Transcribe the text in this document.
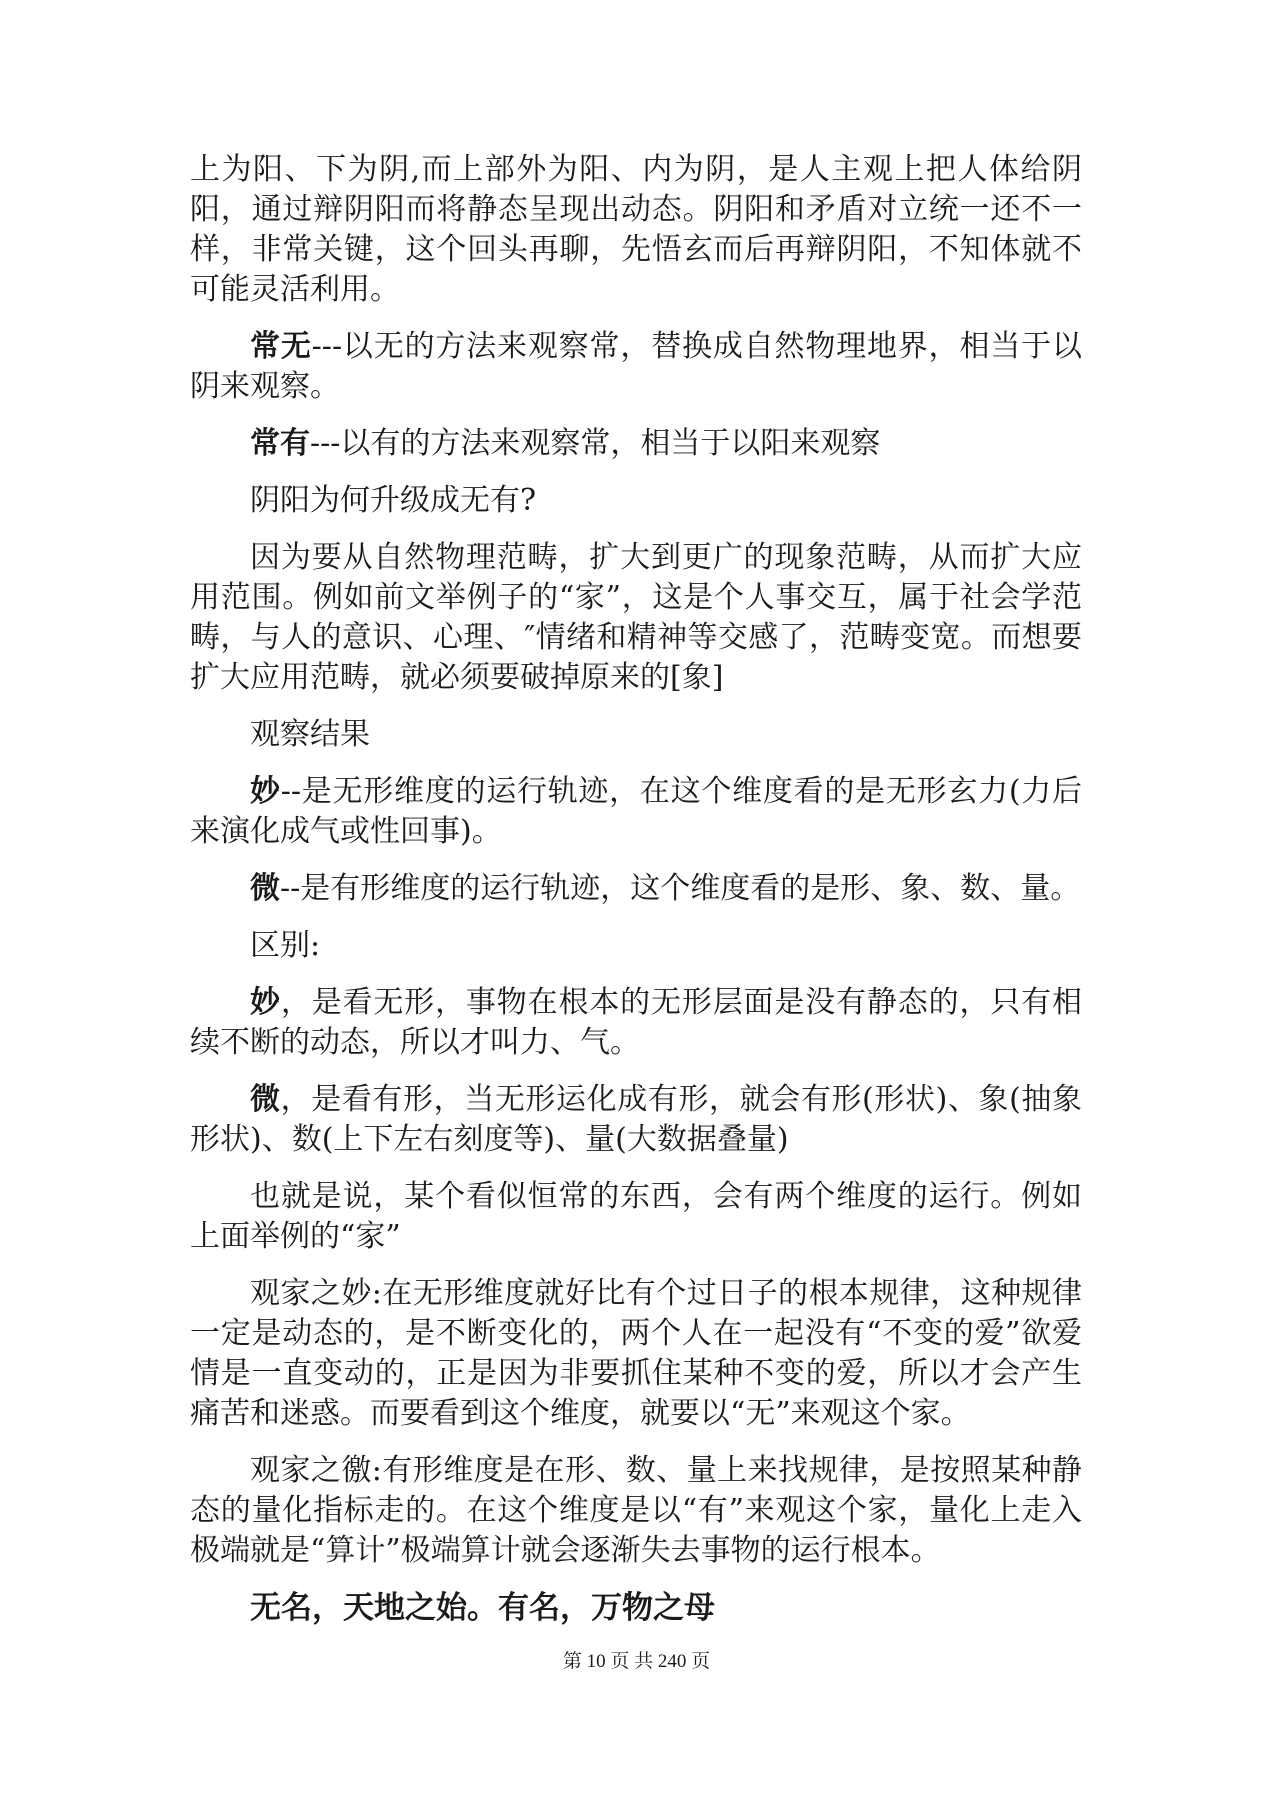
上为阳、下为阴,而上部外为阳、内为阴，是人主观上把人体给阴阳，通过辩阴阳而将静态呈现出动态。阴阳和矛盾对立统一还不一样，非常关键，这个回头再聊，先悟玄而后再辩阴阳，不知体就不可能灵活利用。

常无---以无的方法来观察常，替换成自然物理地界，相当于以阴来观察。

常有---以有的方法来观察常，相当于以阳来观察

阴阳为何升级成无有?

因为要从自然物理范畴，扩大到更广的现象范畴，从而扩大应用范围。例如前文举例子的“家”，这是个人事交互，属于社会学范畴，与人的意识、心理、″情绪和精神等交感了，范畴变宽。而想要扩大应用范畴，就必须要破掉原来的[象]

观察结果

妙--是无形维度的运行轨迹，在这个维度看的是无形玄力(力后来演化成气或性回事)。

微--是有形维度的运行轨迹，这个维度看的是形、象、数、量。

区别:

妙，是看无形，事物在根本的无形层面是没有静态的，只有相续不断的动态，所以才叫力、气。

微，是看有形，当无形运化成有形，就会有形(形状)、象(抽象形状)、数(上下左右刻度等)、量(大数据叠量)

也就是说，某个看似恒常的东西，会有两个维度的运行。例如上面举例的“家”

观家之妙:在无形维度就好比有个过日子的根本规律，这种规律一定是动态的，是不断变化的，两个人在一起没有“不变的爱”欲爱情是一直变动的，正是因为非要抓住某种不变的爱，所以才会产生痛苦和迷惑。而要看到这个维度，就要以“无”来观这个家。

观家之徼:有形维度是在形、数、量上来找规律，是按照某种静态的量化指标走的。在这个维度是以“有”来观这个家，量化上走入极端就是“算计”极端算计就会逐渐失去事物的运行根本。

无名，天地之始。有名，万物之母

第 10 页 共 240 页
